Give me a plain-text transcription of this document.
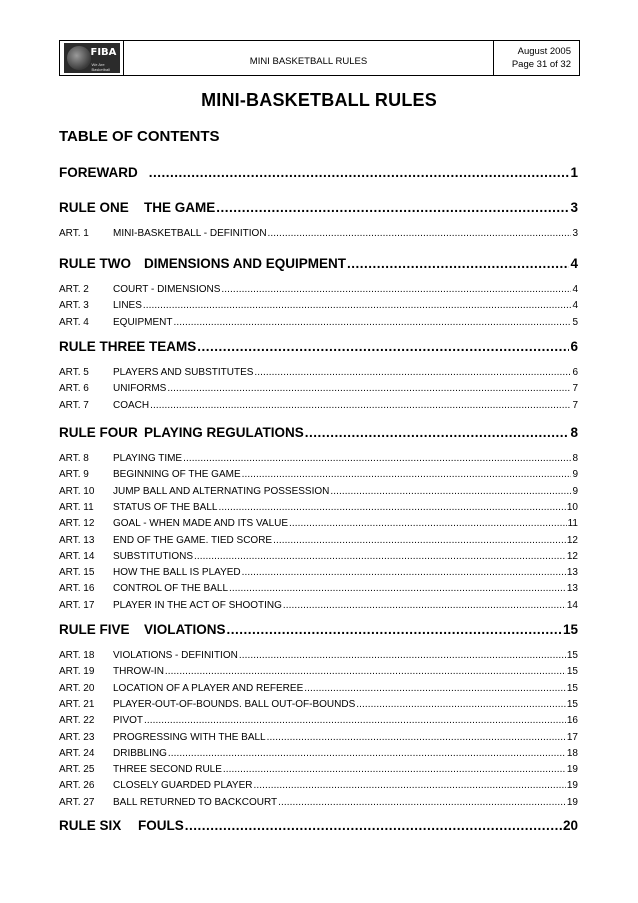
FIBA
We Are Basketball
MINI BASKETBALL RULES
August 2005
Page 31 of 32
MINI-BASKETBALL RULES
TABLE OF CONTENTS
FOREWARD .....	1
RULE ONE	THE GAME .....	3
ART. 1	MINI-BASKETBALL - DEFINITION .....	3
RULE TWO DIMENSIONS AND EQUIPMENT .....	4
ART. 2	COURT - DIMENSIONS .....	4
ART. 3	LINES .....	4
ART. 4	EQUIPMENT .....	5
RULE THREE TEAMS .....	6
ART. 5	PLAYERS AND SUBSTITUTES .....	6
ART. 6	UNIFORMS .....	7
ART. 7	COACH .....	7
RULE FOUR PLAYING REGULATIONS .....	8
ART. 8	PLAYING TIME .....	8
ART. 9	BEGINNING OF THE GAME .....	9
ART. 10	JUMP BALL AND ALTERNATING POSSESSION .....	9
ART. 11	STATUS OF THE BALL .....	10
ART. 12	GOAL - WHEN MADE AND ITS VALUE .....	11
ART. 13	END OF THE GAME. TIED SCORE .....	12
ART. 14	SUBSTITUTIONS .....	12
ART. 15	HOW THE BALL IS PLAYED .....	13
ART. 16	CONTROL OF THE BALL .....	13
ART. 17	PLAYER IN THE ACT OF SHOOTING .....	14
RULE FIVE	VIOLATIONS .....	15
ART. 18	VIOLATIONS - DEFINITION .....	15
ART. 19	THROW-IN .....	15
ART. 20	LOCATION OF A PLAYER AND REFEREE .....	15
ART. 21	PLAYER-OUT-OF-BOUNDS. BALL OUT-OF-BOUNDS .....	15
ART. 22	PIVOT .....	16
ART. 23	PROGRESSING WITH THE BALL .....	17
ART. 24	DRIBBLING .....	18
ART. 25	THREE SECOND RULE .....	19
ART. 26	CLOSELY GUARDED PLAYER .....	19
ART. 27	BALL RETURNED TO BACKCOURT .....	19
RULE SIX	FOULS .....	20
